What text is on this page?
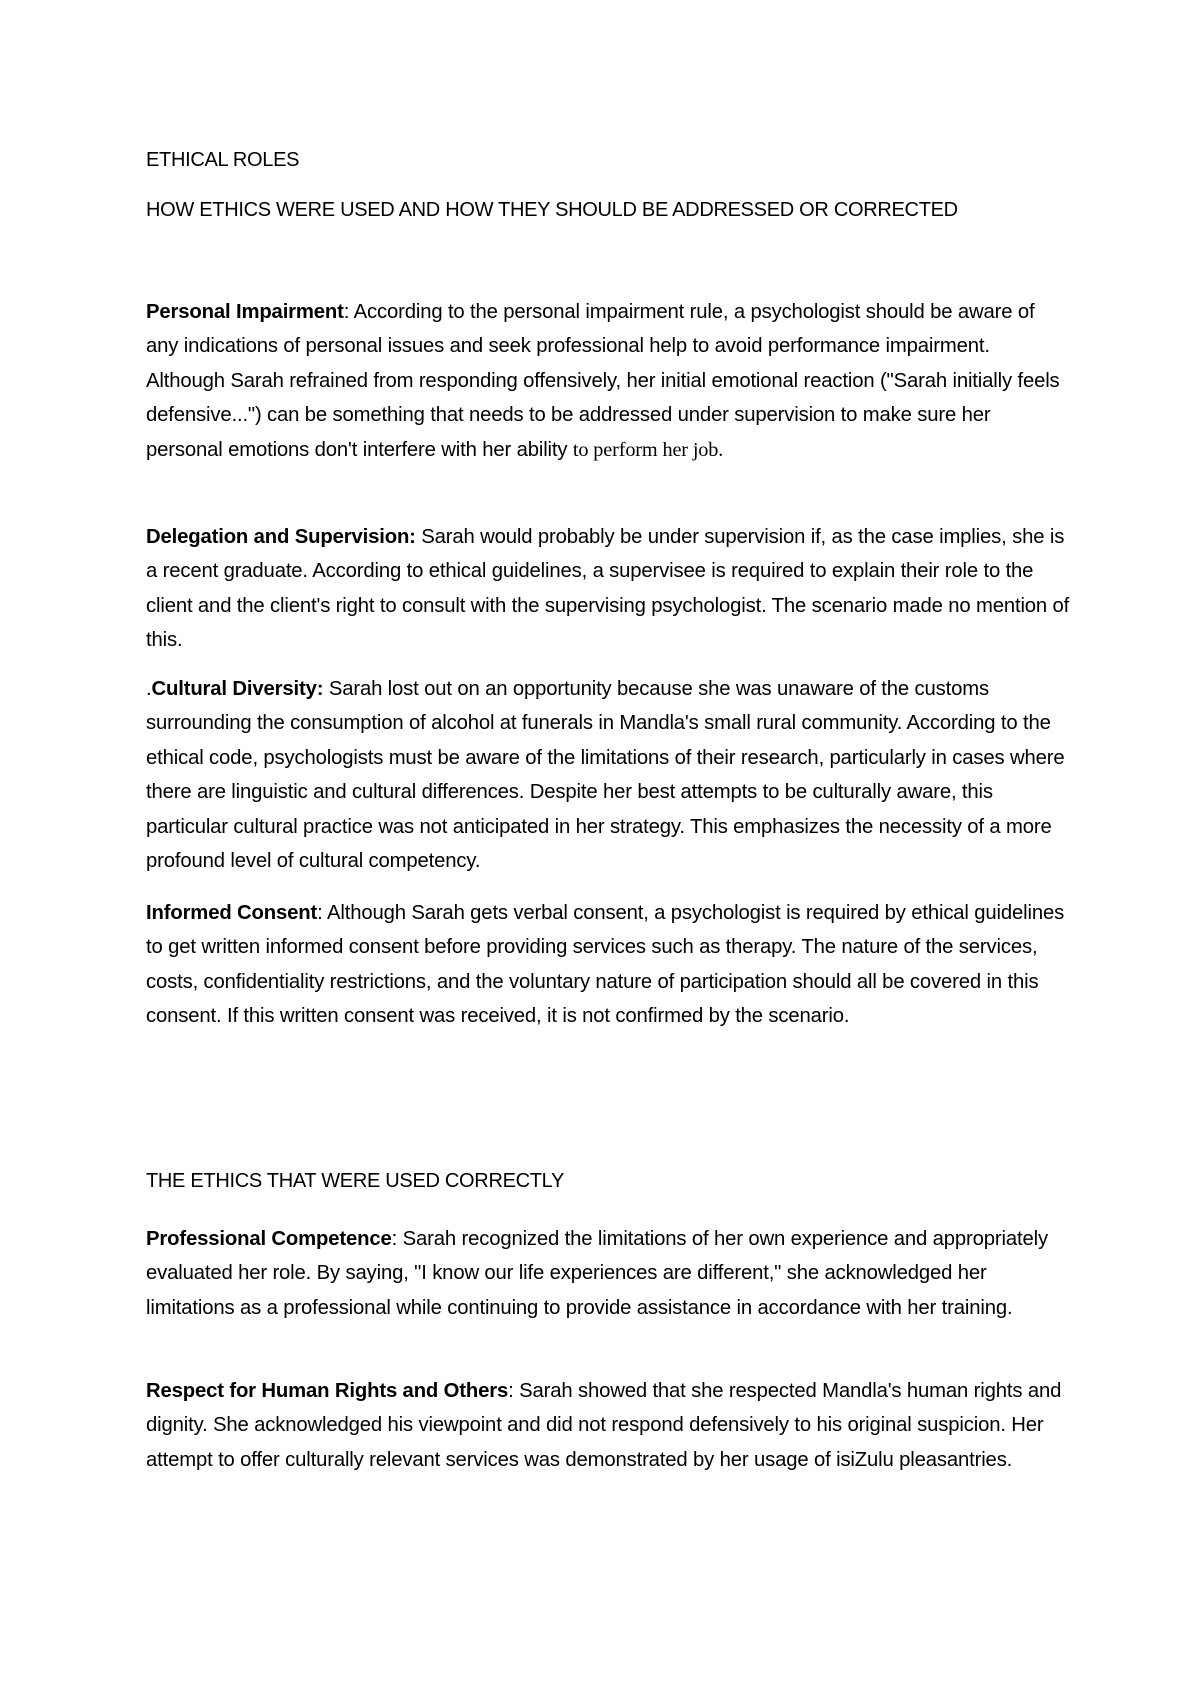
ETHICAL ROLES
HOW ETHICS WERE USED AND HOW THEY SHOULD BE ADDRESSED OR CORRECTED

Personal Impairment: According to the personal impairment rule, a psychologist should be aware of any indications of personal issues and seek professional help to avoid performance impairment. Although Sarah refrained from responding offensively, her initial emotional reaction ("Sarah initially feels defensive...") can be something that needs to be addressed under supervision to make sure her personal emotions don't interfere with her ability to perform her job.

Delegation and Supervision: Sarah would probably be under supervision if, as the case implies, she is a recent graduate. According to ethical guidelines, a supervisee is required to explain their role to the client and the client's right to consult with the supervising psychologist. The scenario made no mention of this.

.Cultural Diversity: Sarah lost out on an opportunity because she was unaware of the customs surrounding the consumption of alcohol at funerals in Mandla's small rural community. According to the ethical code, psychologists must be aware of the limitations of their research, particularly in cases where there are linguistic and cultural differences. Despite her best attempts to be culturally aware, this particular cultural practice was not anticipated in her strategy. This emphasizes the necessity of a more profound level of cultural competency.

Informed Consent: Although Sarah gets verbal consent, a psychologist is required by ethical guidelines to get written informed consent before providing services such as therapy. The nature of the services, costs, confidentiality restrictions, and the voluntary nature of participation should all be covered in this consent. If this written consent was received, it is not confirmed by the scenario.

THE ETHICS THAT WERE USED CORRECTLY

Professional Competence: Sarah recognized the limitations of her own experience and appropriately evaluated her role. By saying, "I know our life experiences are different," she acknowledged her limitations as a professional while continuing to provide assistance in accordance with her training.

Respect for Human Rights and Others: Sarah showed that she respected Mandla's human rights and dignity. She acknowledged his viewpoint and did not respond defensively to his original suspicion. Her attempt to offer culturally relevant services was demonstrated by her usage of isiZulu pleasantries.
